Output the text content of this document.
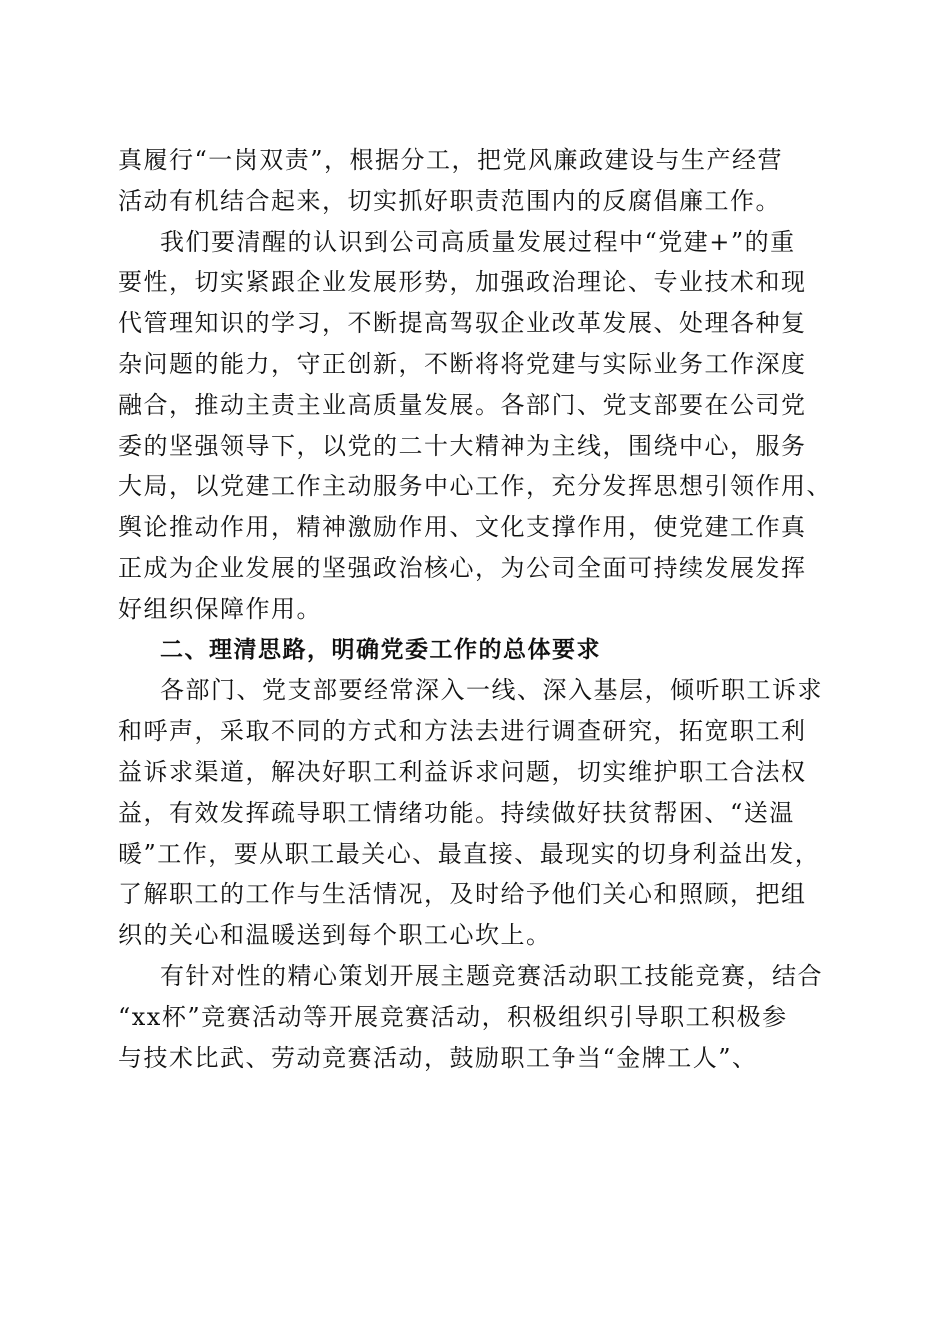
真履行“一岗双责”，根据分工，把党风廉政建设与生产经营
活动有机结合起来，切实抓好职责范围内的反腐倡廉工作。
我们要清醒的认识到公司高质量发展过程中“党建+”的重
要性，切实紧跟企业发展形势，加强政治理论、专业技术和现
代管理知识的学习，不断提高驾驭企业改革发展、处理各种复
杂问题的能力，守正创新，不断将将党建与实际业务工作深度
融合，推动主责主业高质量发展。各部门、党支部要在公司党
委的坚强领导下，以党的二十大精神为主线，围绕中心，服务
大局，以党建工作主动服务中心工作，充分发挥思想引领作用、
舆论推动作用，精神激励作用、文化支撑作用，使党建工作真
正成为企业发展的坚强政治核心，为公司全面可持续发展发挥
好组织保障作用。
二、理清思路，明确党委工作的总体要求
各部门、党支部要经常深入一线、深入基层，倾听职工诉求
和呼声，采取不同的方式和方法去进行调查研究，拓宽职工利
益诉求渠道，解决好职工利益诉求问题，切实维护职工合法权
益，有效发挥疏导职工情绪功能。持续做好扶贫帮困、“送温
暖”工作，要从职工最关心、最直接、最现实的切身利益出发，
了解职工的工作与生活情况，及时给予他们关心和照顾，把组
织的关心和温暖送到每个职工心坎上。
有针对性的精心策划开展主题竞赛活动职工技能竞赛，结合
“xx杯”竞赛活动等开展竞赛活动，积极组织引导职工积极参
与技术比武、劳动竞赛活动，鼓励职工争当“金牌工人”、
